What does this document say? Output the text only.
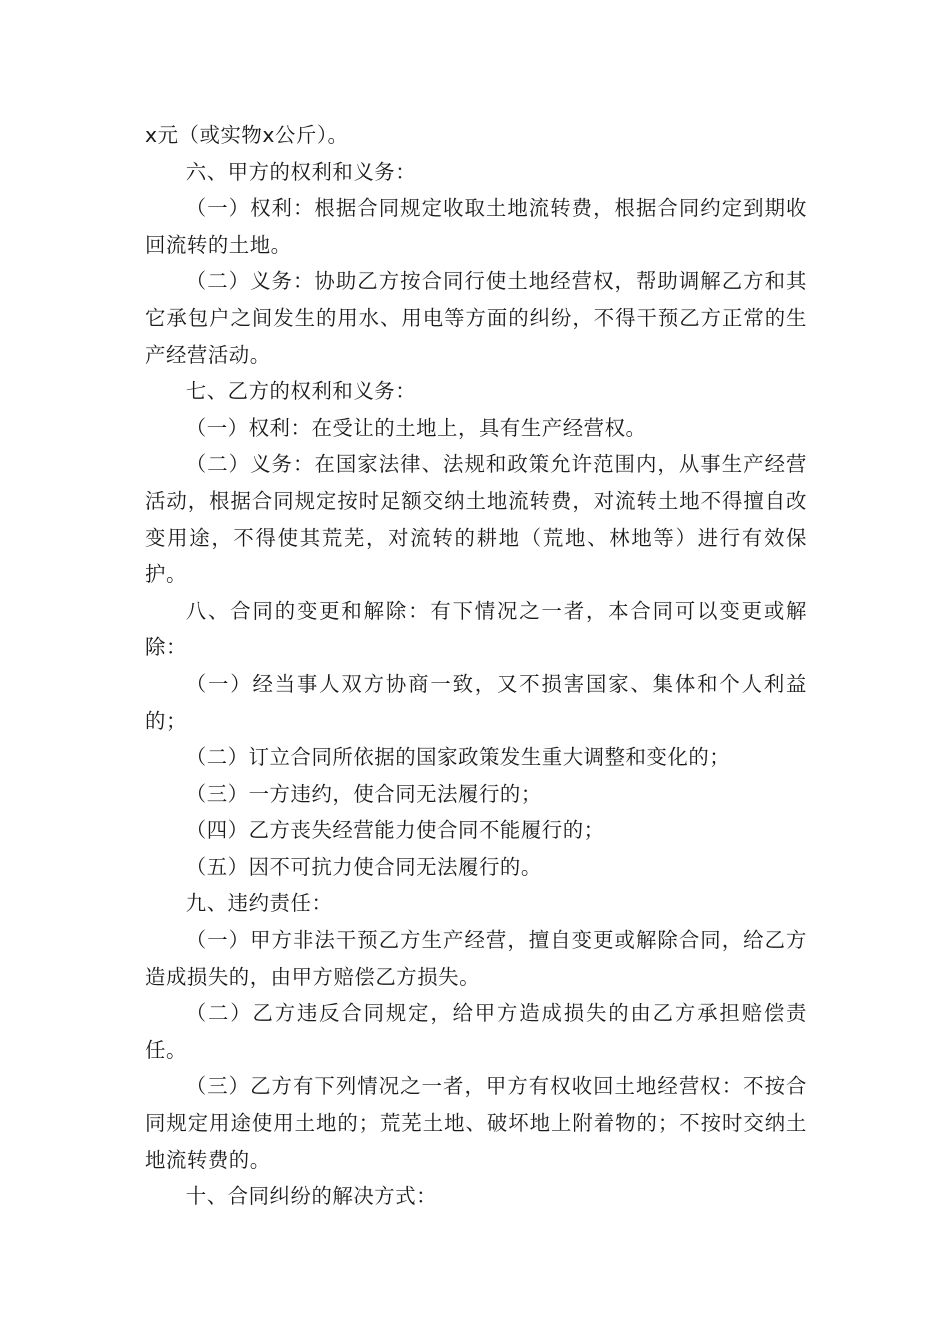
x元（或实物x公斤）。

六、甲方的权利和义务：

（一）权利：根据合同规定收取土地流转费，根据合同约定到期收回流转的土地。

（二）义务：协助乙方按合同行使土地经营权，帮助调解乙方和其它承包户之间发生的用水、用电等方面的纠纷，不得干预乙方正常的生产经营活动。

七、乙方的权利和义务：

（一）权利：在受让的土地上，具有生产经营权。

（二）义务：在国家法律、法规和政策允许范围内，从事生产经营活动，根据合同规定按时足额交纳土地流转费，对流转土地不得擅自改变用途，不得使其荒芜，对流转的耕地（荒地、林地等）进行有效保护。

八、合同的变更和解除：有下情况之一者，本合同可以变更或解除：

（一）经当事人双方协商一致，又不损害国家、集体和个人利益的；

（二）订立合同所依据的国家政策发生重大调整和变化的；

（三）一方违约，使合同无法履行的；

（四）乙方丧失经营能力使合同不能履行的；

（五）因不可抗力使合同无法履行的。

九、违约责任：

（一）甲方非法干预乙方生产经营，擅自变更或解除合同，给乙方造成损失的，由甲方赔偿乙方损失。

（二）乙方违反合同规定，给甲方造成损失的由乙方承担赔偿责任。

（三）乙方有下列情况之一者，甲方有权收回土地经营权：不按合同规定用途使用土地的；荒芜土地、破坏地上附着物的；不按时交纳土地流转费的。

十、合同纠纷的解决方式：
